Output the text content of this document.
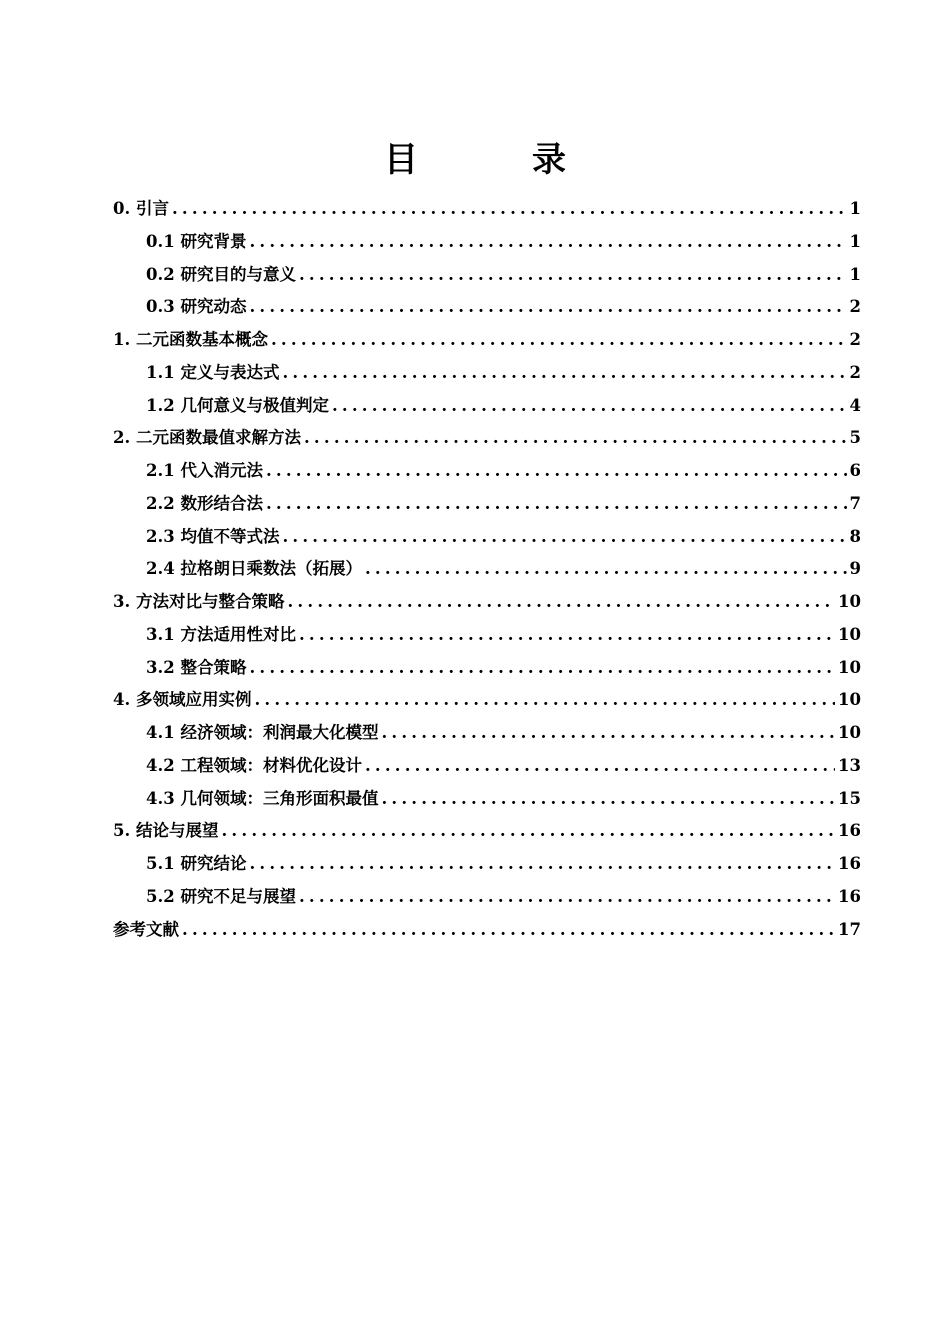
目　录
0. 引言 .....	1
0.1 研究背景 .....	1
0.2 研究目的与意义 .....	1
0.3 研究动态 .....	2
1. 二元函数基本概念 .....	2
1.1 定义与表达式 .....	2
1.2 几何意义与极值判定 .....	4
2. 二元函数最值求解方法 .....	5
2.1 代入消元法 .....	6
2.2 数形结合法 .....	7
2.3 均值不等式法 .....	8
2.4 拉格朗日乘数法（拓展） .....	9
3. 方法对比与整合策略 .....	10
3.1 方法适用性对比 .....	10
3.2 整合策略 .....	10
4. 多领域应用实例 .....	10
4.1 经济领域：利润最大化模型 .....	10
4.2 工程领域：材料优化设计 .....	13
4.3 几何领域：三角形面积最值 .....	15
5. 结论与展望 .....	16
5.1 研究结论 .....	16
5.2 研究不足与展望 .....	16
参考文献 .....	17
